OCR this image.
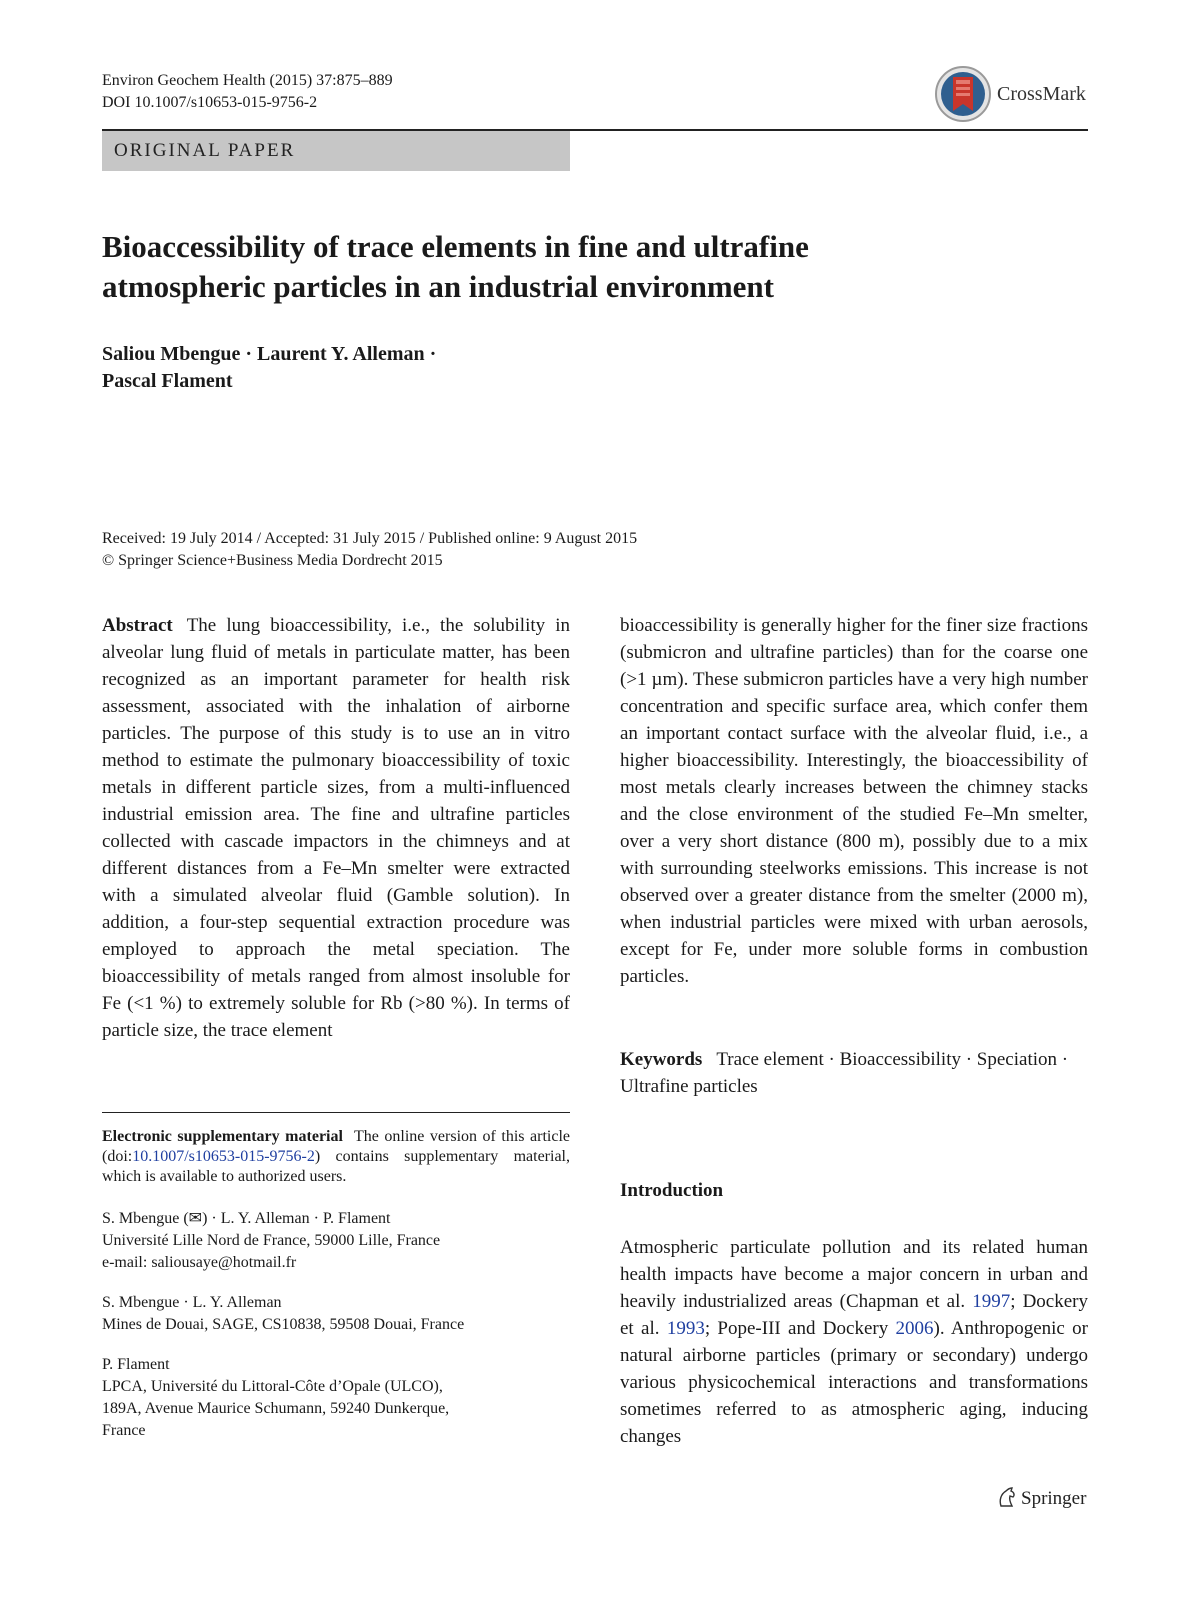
Environ Geochem Health (2015) 37:875–889
DOI 10.1007/s10653-015-9756-2	CrossMark
ORIGINAL PAPER
Bioaccessibility of trace elements in fine and ultrafine
atmospheric particles in an industrial environment
Saliou Mbengue · Laurent Y. Alleman ·
Pascal Flament
Received: 19 July 2014 / Accepted: 31 July 2015 / Published online: 9 August 2015
© Springer Science+Business Media Dordrecht 2015
Abstract The lung bioaccessibility, i.e., the solubility in alveolar lung fluid of metals in particulate matter, has been recognized as an important parameter for health risk assessment, associated with the inhalation of airborne particles. The purpose of this study is to use an in vitro method to estimate the pulmonary bioaccessibility of toxic metals in different particle sizes, from a multi-influenced industrial emission area. The fine and ultrafine particles collected with cascade impactors in the chimneys and at different distances from a Fe–Mn smelter were extracted with a simulated alveolar fluid (Gamble solution). In addition, a four-step sequential extraction procedure was employed to approach the metal speciation. The bioaccessibility of metals ranged from almost insoluble for Fe (<1 %) to extremely soluble for Rb (>80 %). In terms of particle size, the trace element
bioaccessibility is generally higher for the finer size fractions (submicron and ultrafine particles) than for the coarse one (>1 µm). These submicron particles have a very high number concentration and specific surface area, which confer them an important contact surface with the alveolar fluid, i.e., a higher bioaccessibility. Interestingly, the bioaccessibility of most metals clearly increases between the chimney stacks and the close environment of the studied Fe–Mn smelter, over a very short distance (800 m), possibly due to a mix with surrounding steelworks emissions. This increase is not observed over a greater distance from the smelter (2000 m), when industrial particles were mixed with urban aerosols, except for Fe, under more soluble forms in combustion particles.
Keywords Trace element · Bioaccessibility · Speciation · Ultrafine particles
Electronic supplementary material The online version of this article (doi:10.1007/s10653-015-9756-2) contains supplementary material, which is available to authorized users.
S. Mbengue (✉) · L. Y. Alleman · P. Flament
Université Lille Nord de France, 59000 Lille, France
e-mail: saliousaye@hotmail.fr
S. Mbengue · L. Y. Alleman
Mines de Douai, SAGE, CS10838, 59508 Douai, France
P. Flament
LPCA, Université du Littoral-Côte d’Opale (ULCO),
189A, Avenue Maurice Schumann, 59240 Dunkerque,
France
Introduction
Atmospheric particulate pollution and its related human health impacts have become a major concern in urban and heavily industrialized areas (Chapman et al. 1997; Dockery et al. 1993; Pope-III and Dockery 2006). Anthropogenic or natural airborne particles (primary or secondary) undergo various physicochemical interactions and transformations sometimes referred to as atmospheric aging, inducing changes
Springer
